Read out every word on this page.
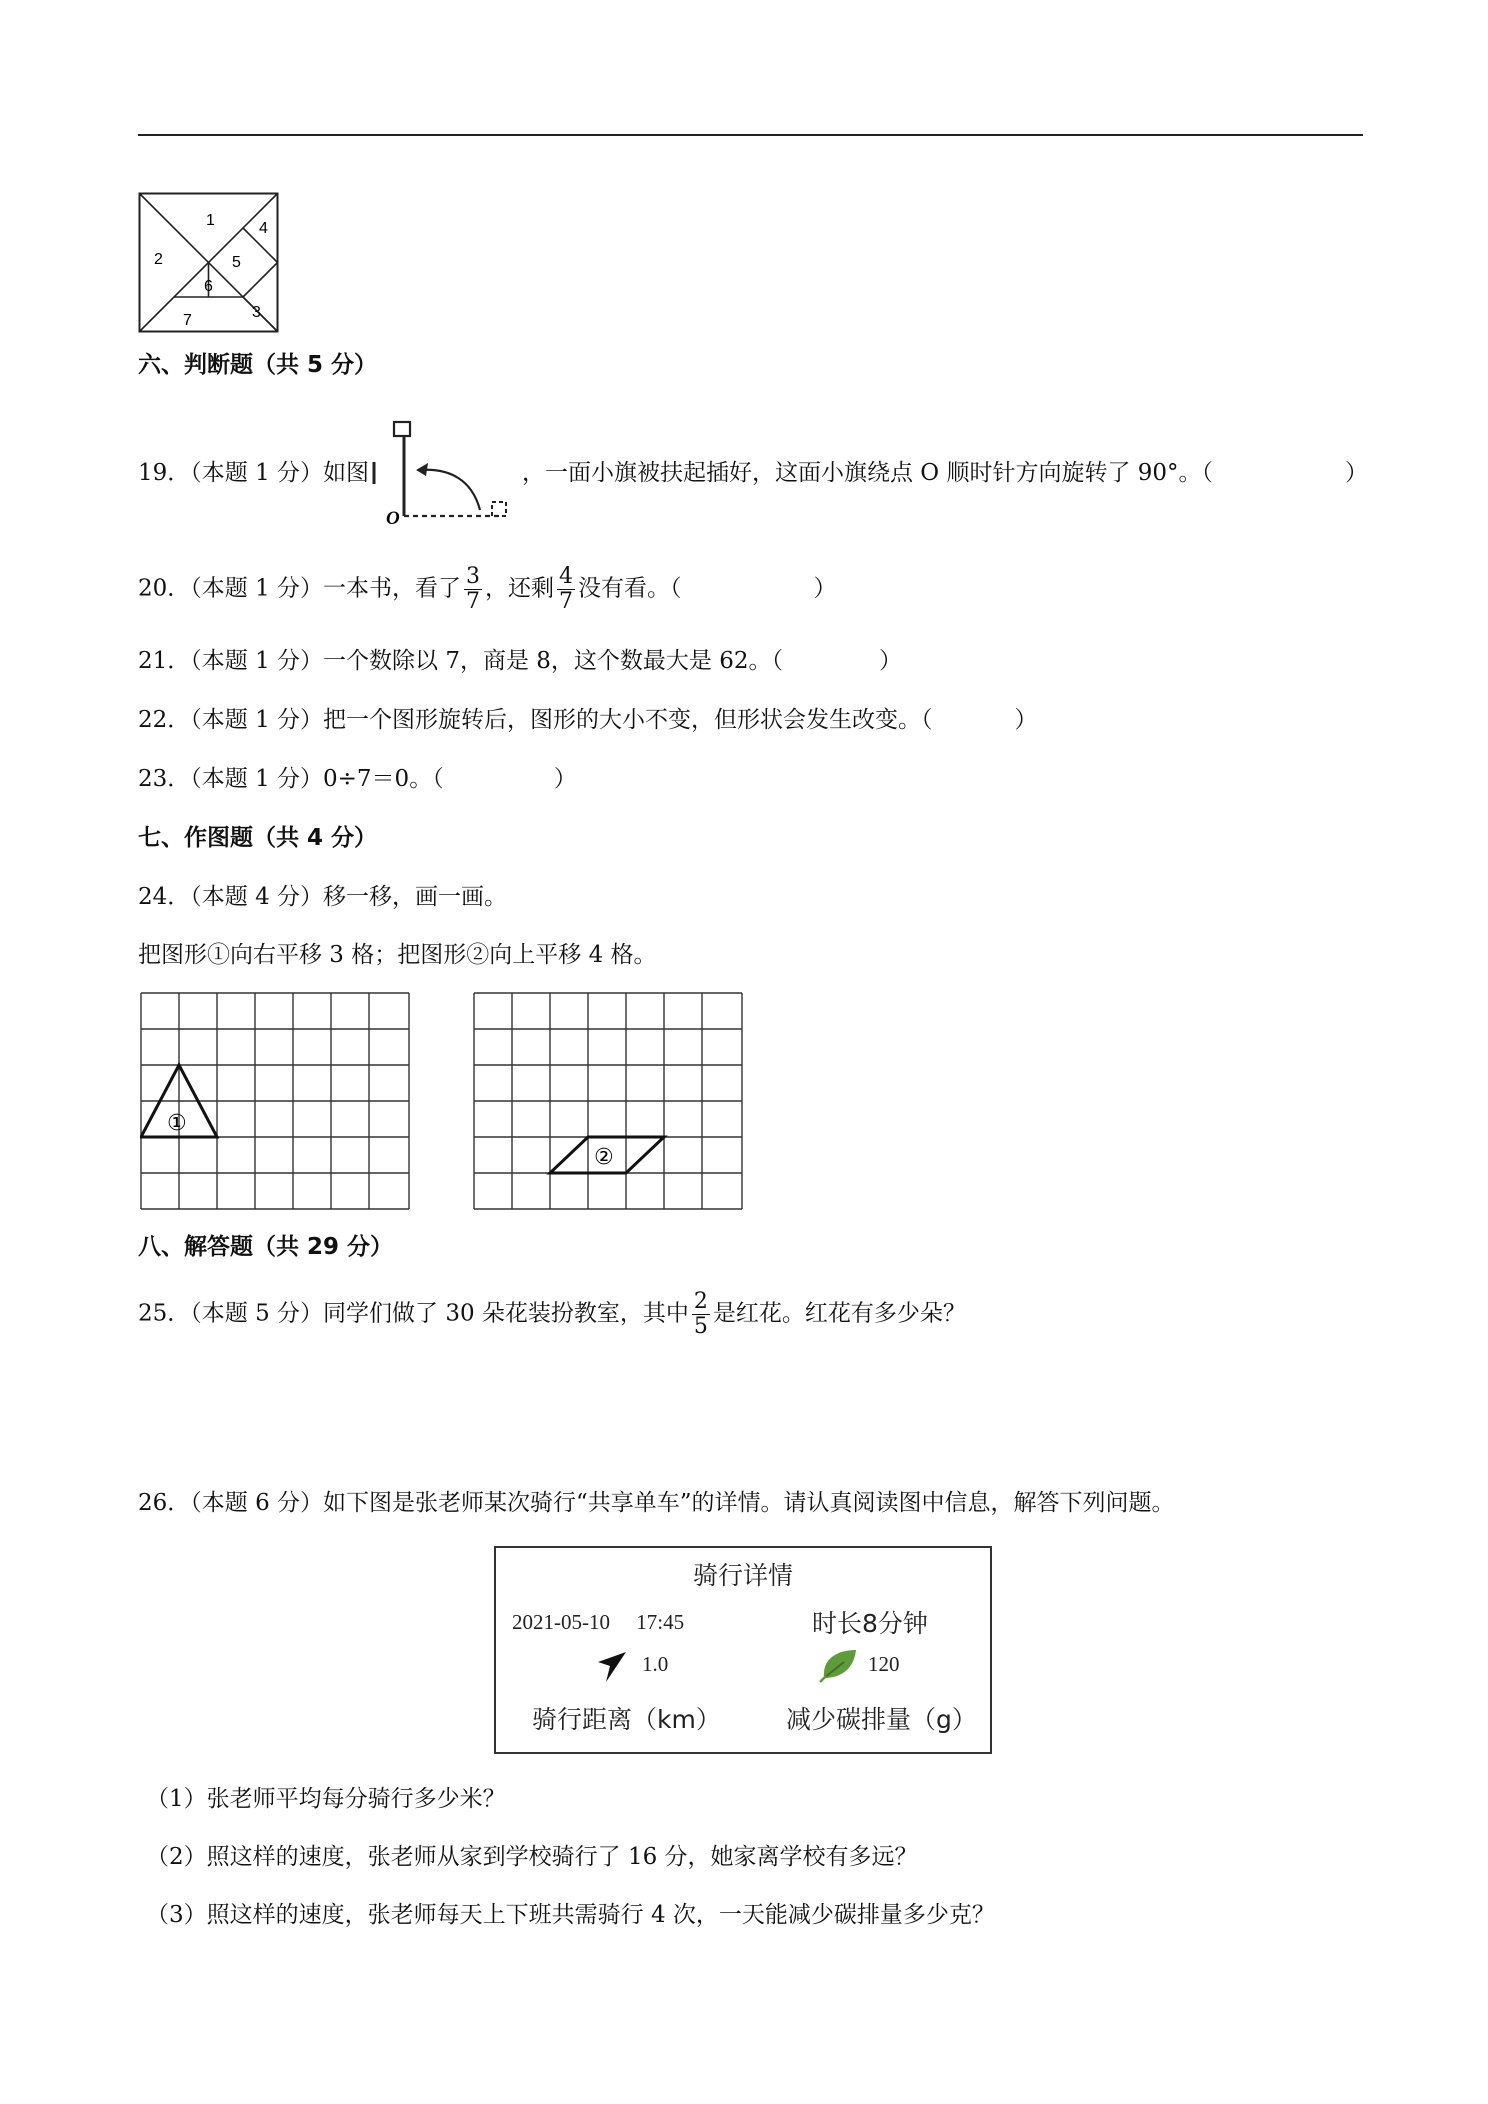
1
2
3
4
5
6
7
六、判断题（共 5 分）
19．（本题 1 分）如图
O
，一面小旗被扶起插好，这面小旗绕点 O 顺时针方向旋转了 90°。（	）
20．（本题 1 分）一本书，看了 $\frac{3}{7}$ ，还剩 $\frac{4}{7}$ 没有看。（	）
21．（本题 1 分）一个数除以 7，商是 8，这个数最大是 62。（	）
22．（本题 1 分）把一个图形旋转后，图形的大小不变，但形状会发生改变。（	）
23．（本题 1 分）0÷7＝0。（	）
七、作图题（共 4 分）
24．（本题 4 分）移一移，画一画。
把图形①向右平移 3 格；把图形②向上平移 4 格。
①
②
八、解答题（共 29 分）
25．（本题 5 分）同学们做了 30 朵花装扮教室，其中 $\frac{2}{5}$ 是红花。红花有多少朵？
26．（本题 6 分）如下图是张老师某次骑行“共享单车”的详情。请认真阅读图中信息，解答下列问题。
骑行详情
2021-05-10　 17:45	时长8分钟
1.0	120
骑行距离（km）	减少碳排量（g）
（1）张老师平均每分骑行多少米？
（2）照这样的速度，张老师从家到学校骑行了 16 分，她家离学校有多远？
（3）照这样的速度，张老师每天上下班共需骑行 4 次，一天能减少碳排量多少克？
